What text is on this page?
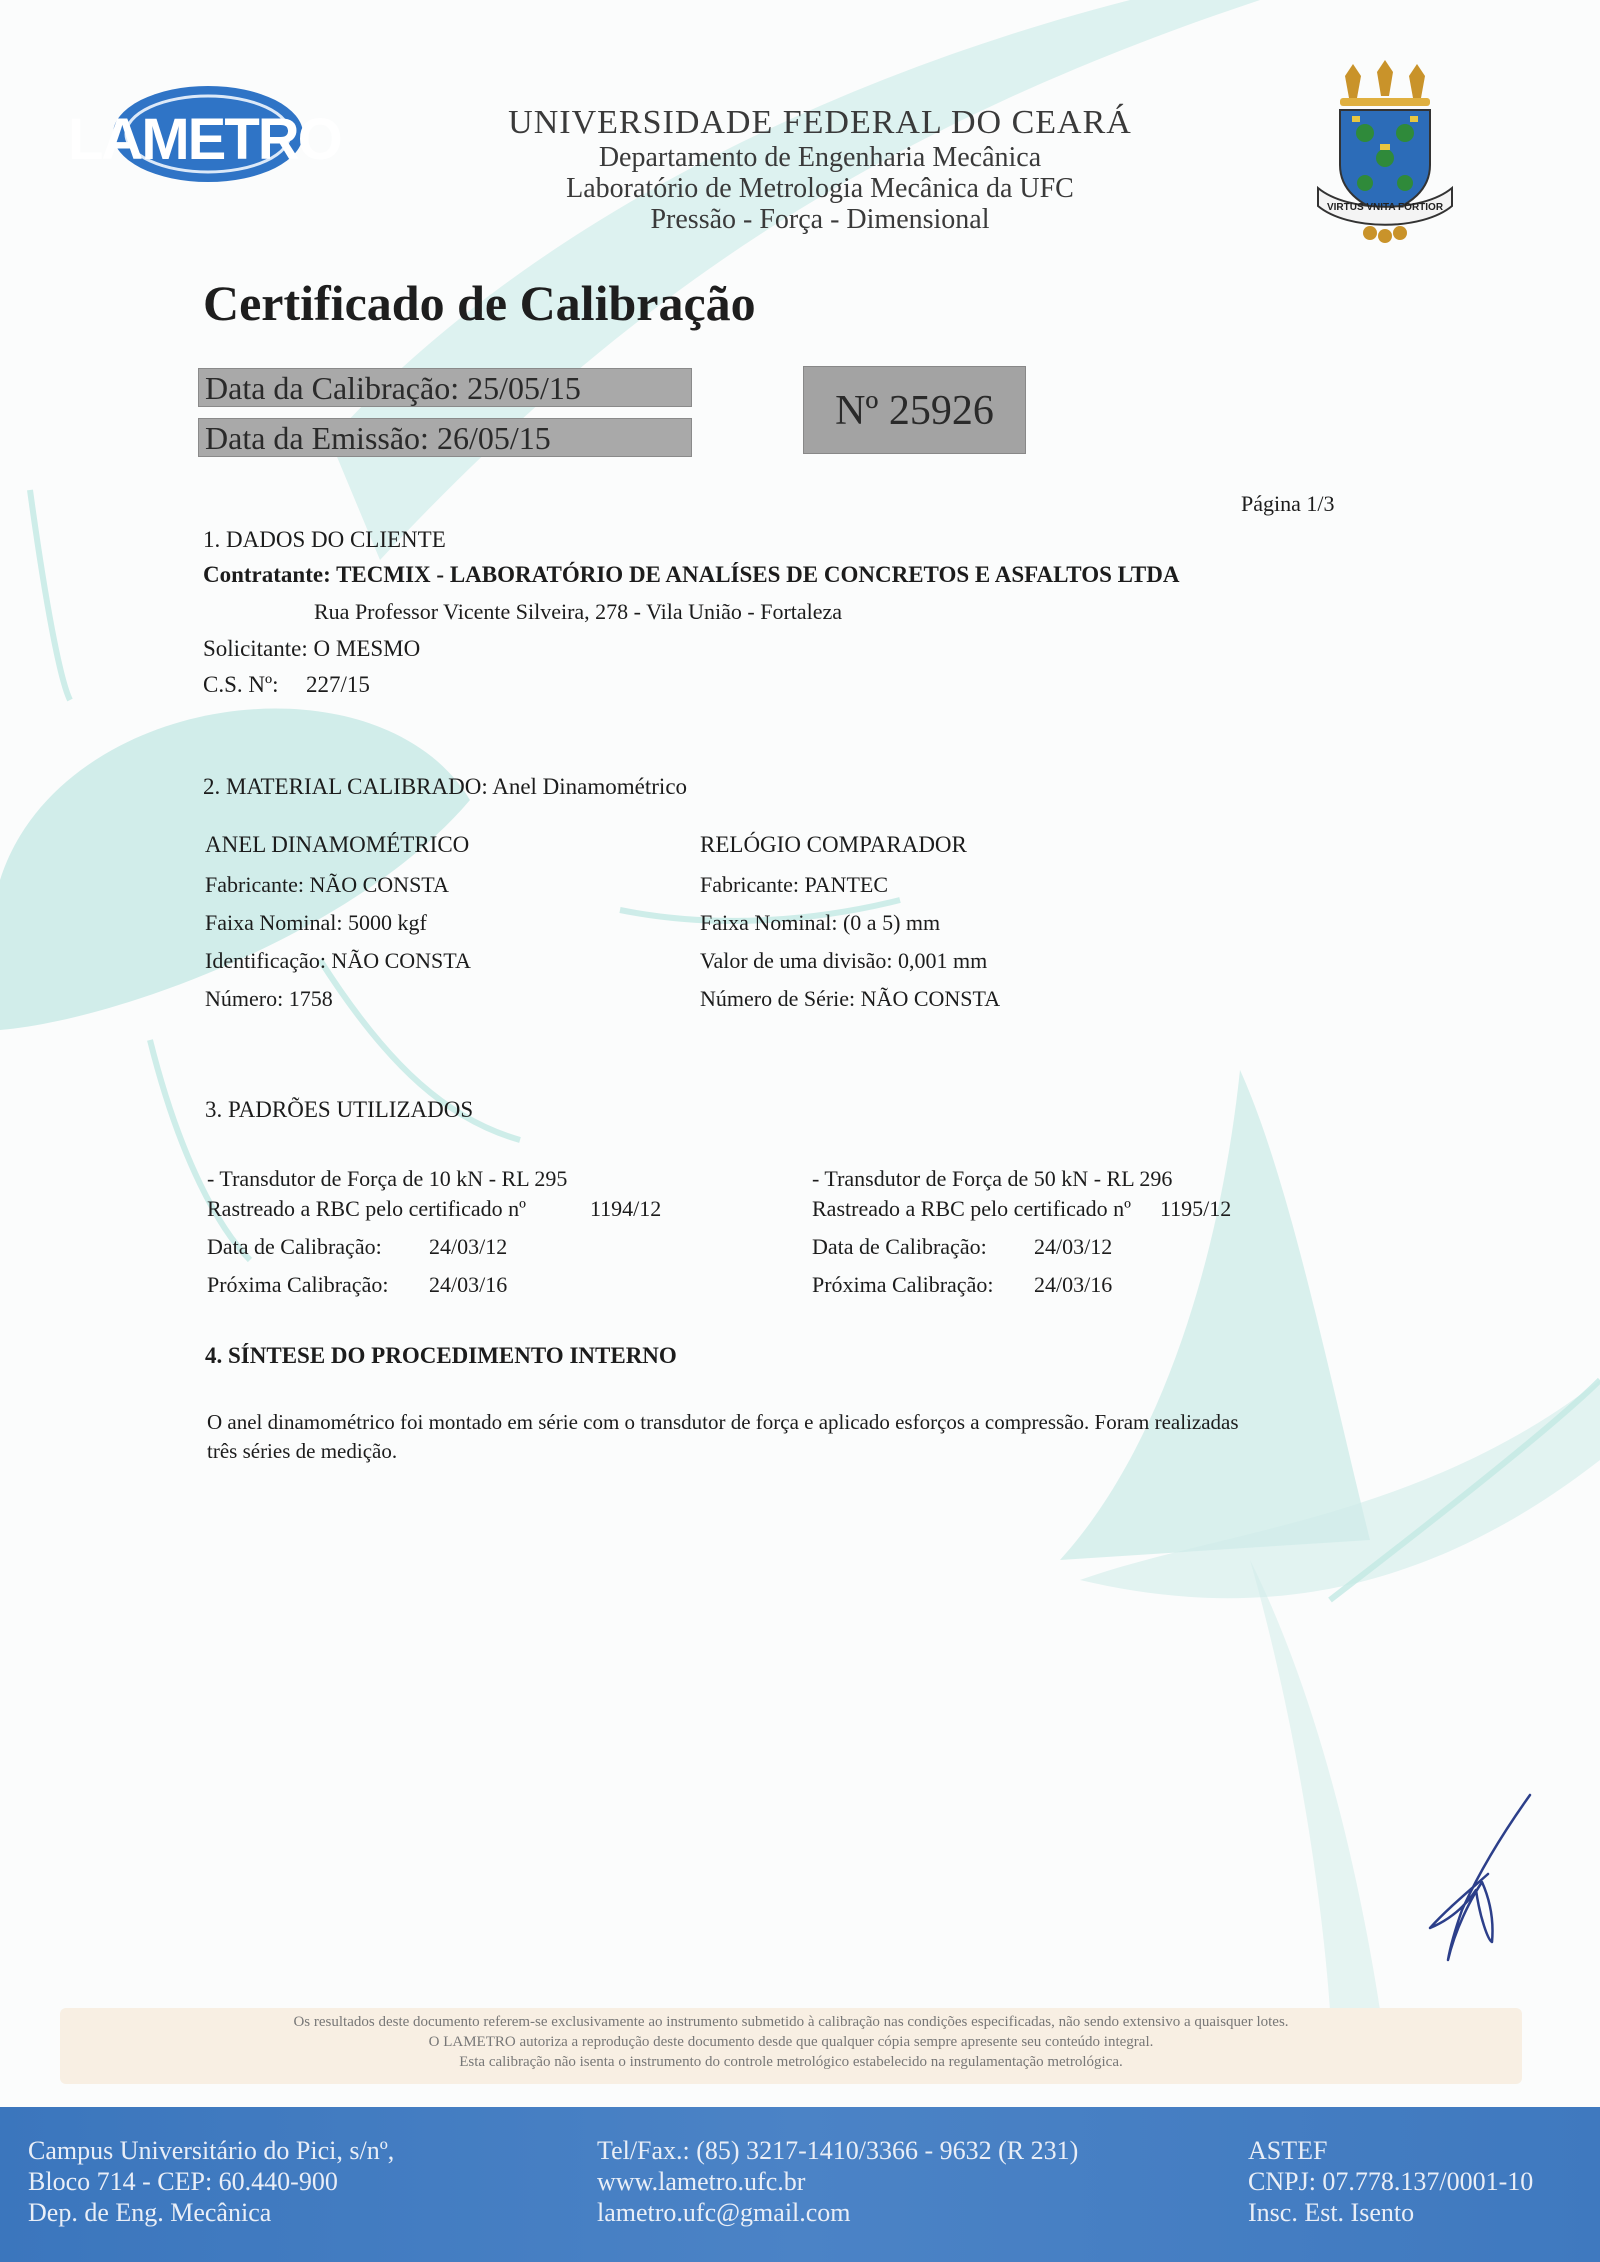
LAMETRO	UNIVERSIDADE FEDERAL DO CEARÁ
Departamento de Engenharia Mecânica
Laboratório de Metrologia Mecânica da UFC
Pressão - Força - Dimensional	VIRTUS VNITA FORTIOR
Certificado de Calibração
Data da Calibração: 25/05/15
Data da Emissão: 26/05/15
Nº 25926
Página 1/3
1. DADOS DO CLIENTE
Contratante: TECMIX - LABORATÓRIO DE ANALÍSES DE CONCRETOS E ASFALTOS LTDA
Rua Professor Vicente Silveira, 278 - Vila União - Fortaleza
Solicitante: O MESMO
C.S. Nº: 227/15
2. MATERIAL CALIBRADO: Anel Dinamométrico
ANEL DINAMOMÉTRICO
Fabricante: NÃO CONSTA
Faixa Nominal: 5000 kgf
Identificação: NÃO CONSTA
Número: 1758
RELÓGIO COMPARADOR
Fabricante: PANTEC
Faixa Nominal: (0 a 5) mm
Valor de uma divisão: 0,001 mm
Número de Série: NÃO CONSTA
3. PADRÕES UTILIZADOS
- Transdutor de Força de 10 kN - RL 295
Rastreado a RBC pelo certificado nº	1194/12
Data de Calibração: 24/03/12
Próxima Calibração: 24/03/16
- Transdutor de Força de 50 kN - RL 296
Rastreado a RBC pelo certificado nº 1195/12
Data de Calibração: 24/03/12
Próxima Calibração: 24/03/16
4. SÍNTESE DO PROCEDIMENTO INTERNO
O anel dinamométrico foi montado em série com o transdutor de força e aplicado esforços a compressão. Foram realizadas
três séries de medição.
Os resultados deste documento referem-se exclusivamente ao instrumento submetido à calibração nas condições especificadas, não sendo extensivo a quaisquer lotes.
O LAMETRO autoriza a reprodução deste documento desde que qualquer cópia sempre apresente seu conteúdo integral.
Esta calibração não isenta o instrumento do controle metrológico estabelecido na regulamentação metrológica.
Campus Universitário do Pici, s/nº,
Bloco 714 - CEP: 60.440-900
Dep. de Eng. Mecânica
Tel/Fax.: (85) 3217-1410/3366 - 9632 (R 231)
www.lametro.ufc.br
lametro.ufc@gmail.com
ASTEF
CNPJ: 07.778.137/0001-10
Insc. Est. Isento
